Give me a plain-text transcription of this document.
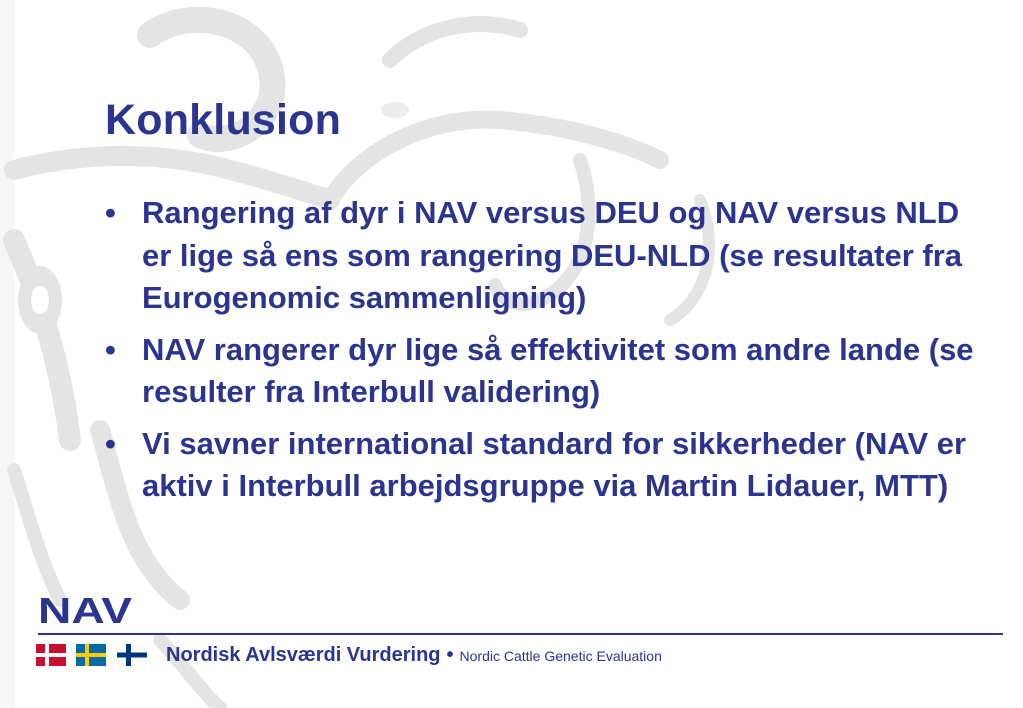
Konklusion
• Rangering af dyr i NAV versus DEU og NAV versus NLD er lige så ens som rangering DEU-NLD (se resultater fra Eurogenomic sammenligning)
• NAV rangerer dyr lige så effektivitet som andre lande (se resulter fra Interbull validering)
• Vi savner international standard for sikkerheder (NAV er aktiv i Interbull arbejdsgruppe via Martin Lidauer, MTT)
NAV
Nordisk Avlsværdi Vurdering • Nordic Cattle Genetic Evaluation
